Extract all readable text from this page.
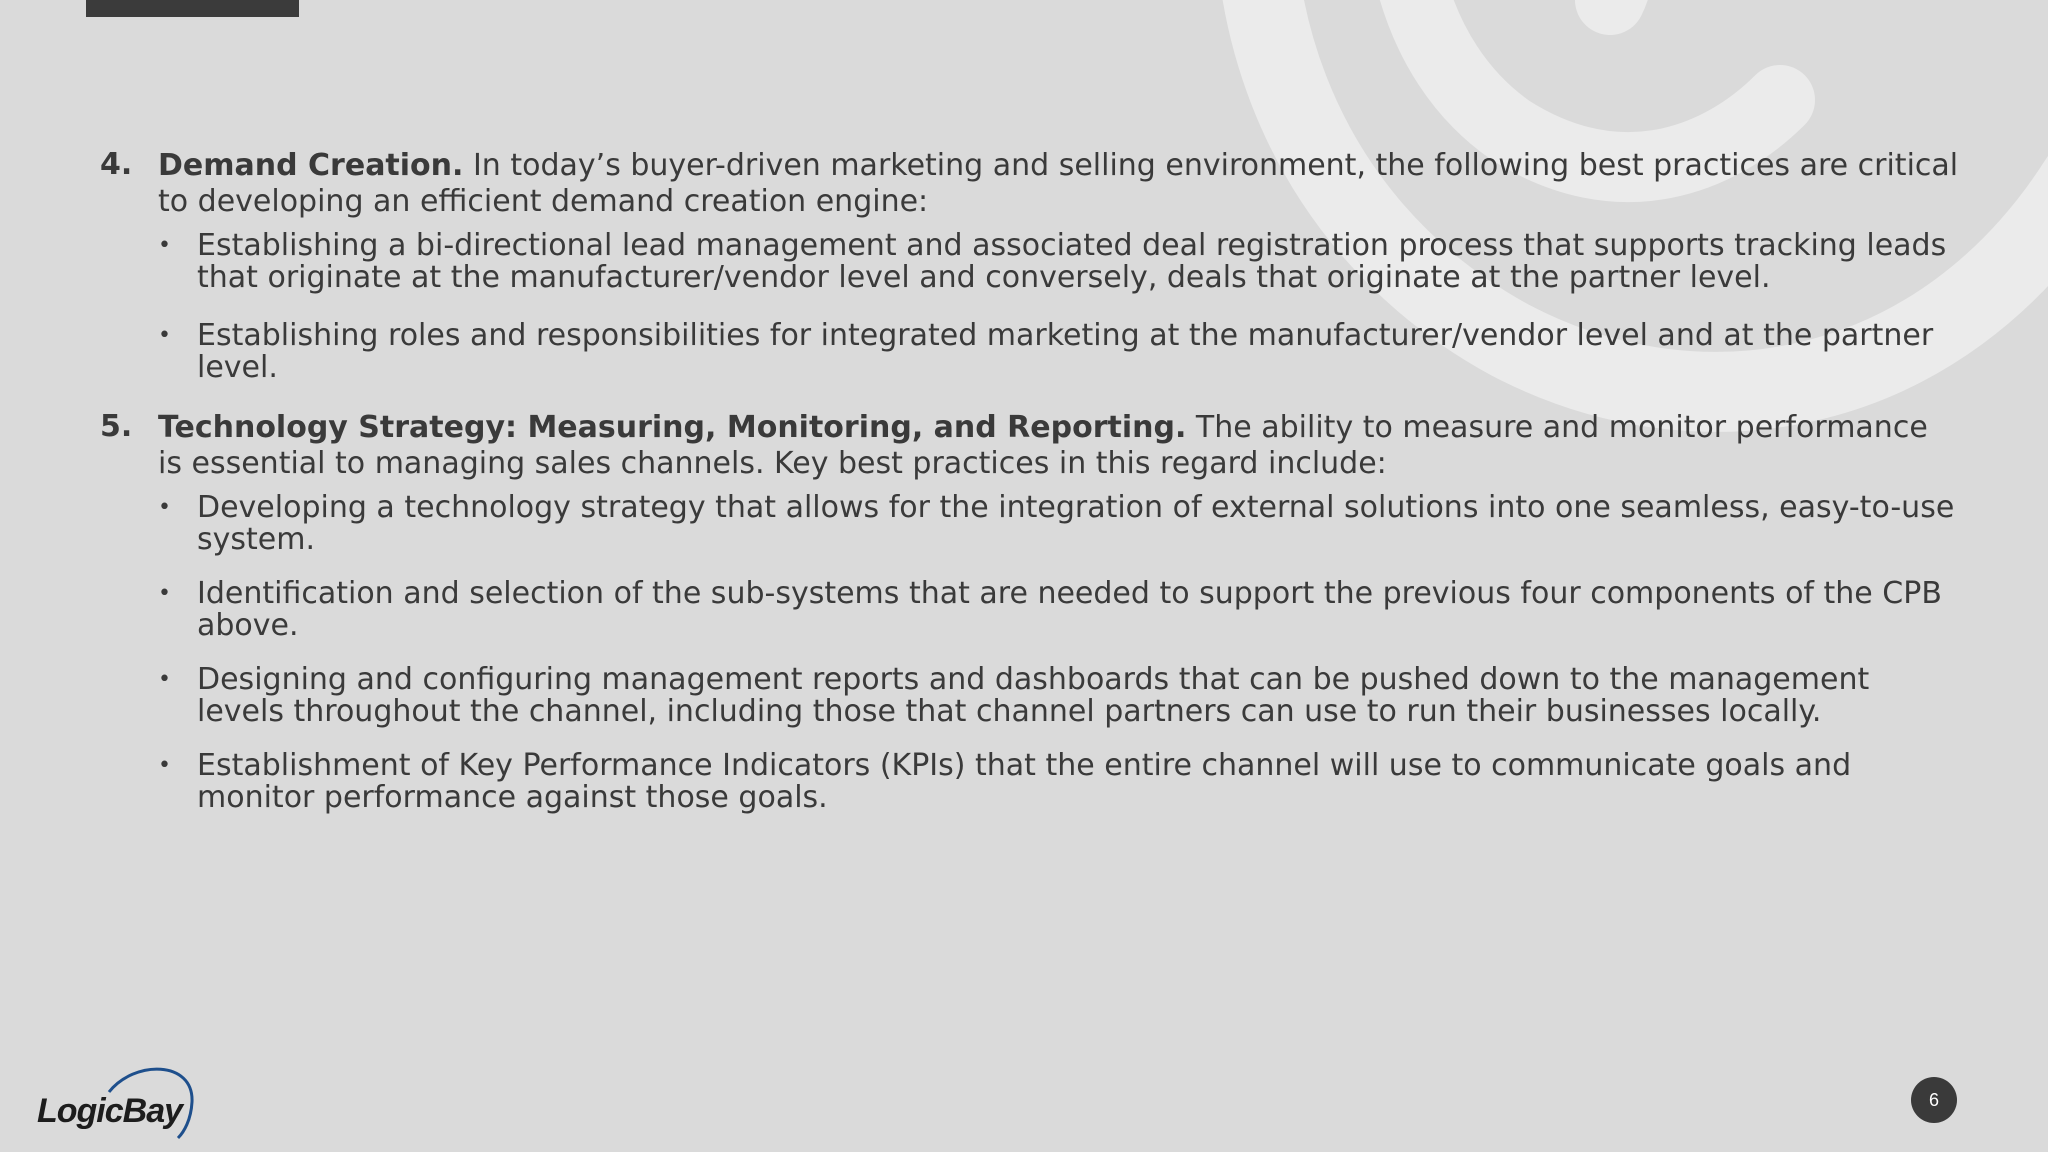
4. Demand Creation. In today’s buyer-driven marketing and selling environment, the following best practices are critical to developing an efficient demand creation engine:

• Establishing a bi-directional lead management and associated deal registration process that supports tracking leads that originate at the manufacturer/vendor level and conversely, deals that originate at the partner level.
• Establishing roles and responsibilities for integrated marketing at the manufacturer/vendor level and at the partner level.
5. Technology Strategy: Measuring, Monitoring, and Reporting. The ability to measure and monitor performance is essential to managing sales channels. Key best practices in this regard include:

• Developing a technology strategy that allows for the integration of external solutions into one seamless, easy-to-use system.
• Identification and selection of the sub-systems that are needed to support the previous four components of the CPB above.
• Designing and configuring management reports and dashboards that can be pushed down to the management levels throughout the channel, including those that channel partners can use to run their businesses locally.
• Establishment of Key Performance Indicators (KPIs) that the entire channel will use to communicate goals and monitor performance against those goals.
LogicBay	6
